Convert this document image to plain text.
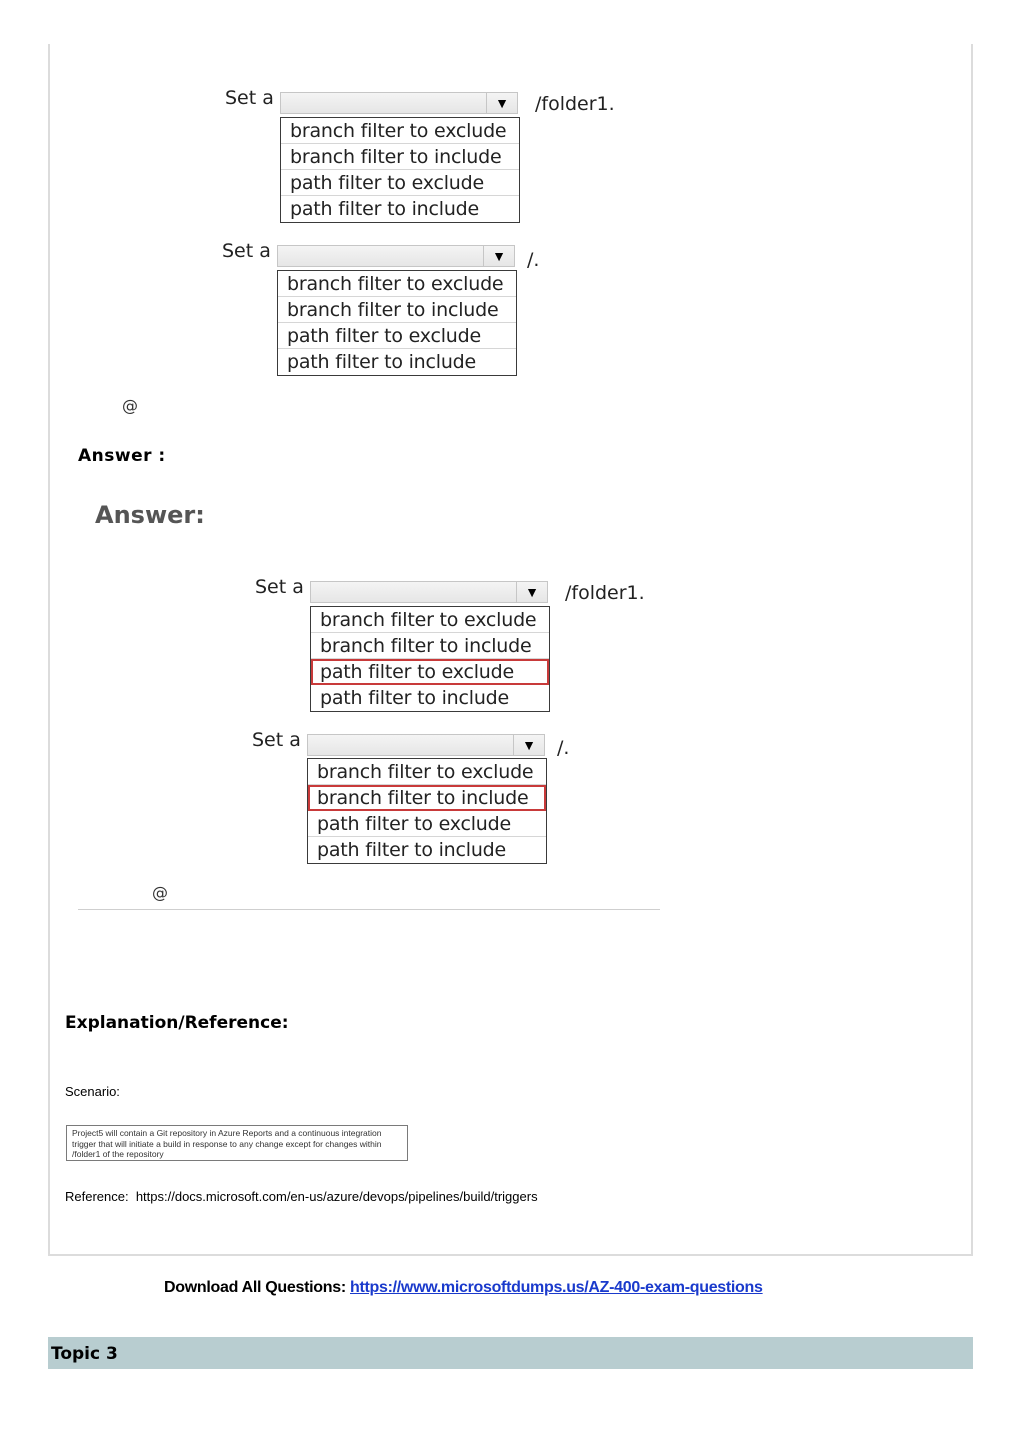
Set a	▼	/folder1.
branch filter to exclude
branch filter to include
path filter to exclude
path filter to include
Set a	▼	/.
branch filter to exclude
branch filter to include
path filter to exclude
path filter to include
@
Answer :
Answer:
Set a	▼	/folder1.
branch filter to exclude
branch filter to include
path filter to exclude
path filter to include
Set a	▼	/.
branch filter to exclude
branch filter to include
path filter to exclude
path filter to include
@
Explanation/Reference:
Scenario:
Project5 will contain a Git repository in Azure Reports and a continuous integration trigger that will initiate a build in response to any change except for changes within /folder1 of the repository
Reference: https://docs.microsoft.com/en-us/azure/devops/pipelines/build/triggers
Download All Questions: https://www.microsoftdumps.us/AZ-400-exam-questions
Topic 3
